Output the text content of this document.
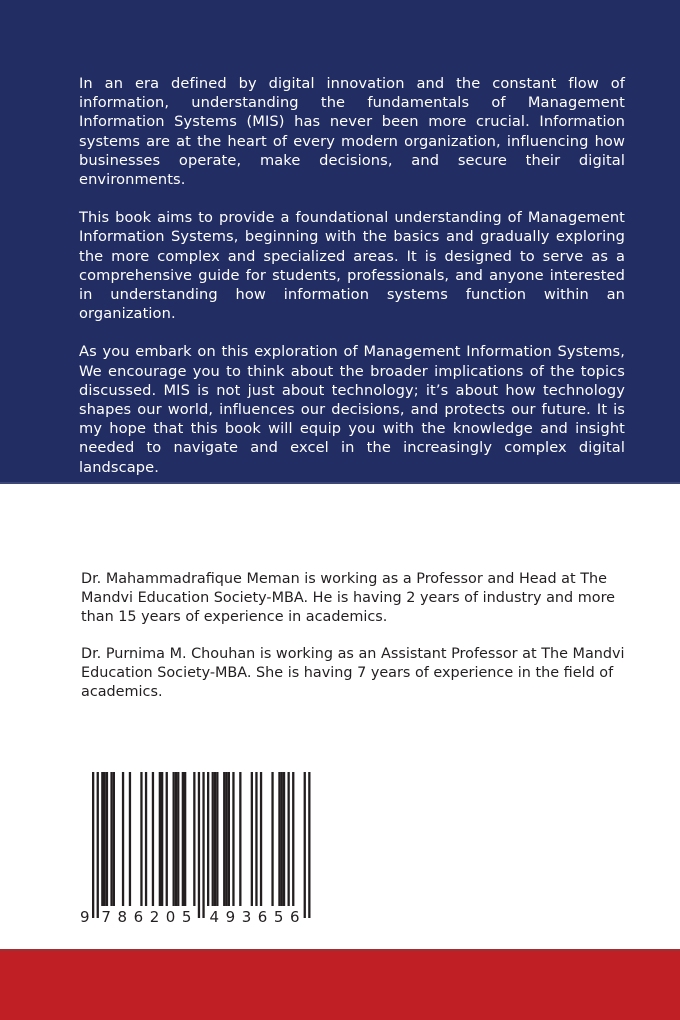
In an era defined by digital innovation and the constant flow of information, understanding the fundamentals of Management Information Systems (MIS) has never been more crucial. Information systems are at the heart of every modern organization, influencing how businesses operate, make decisions, and secure their digital environments.

This book aims to provide a foundational understanding of Management Information Systems, beginning with the basics and gradually exploring the more complex and specialized areas. It is designed to serve as a comprehensive guide for students, professionals, and anyone interested in understanding how information systems function within an organization.

As you embark on this exploration of Management Information Systems, We encourage you to think about the broader implications of the topics discussed. MIS is not just about technology; it’s about how technology shapes our world, influences our decisions, and protects our future. It is my hope that this book will equip you with the knowledge and insight needed to navigate and excel in the increasingly complex digital landscape.

Dr. Mahammadrafique Meman is working as a Professor and Head at The Mandvi Education Society-MBA. He is having 2 years of industry and more than 15 years of experience in academics.

Dr. Purnima M. Chouhan is working as an Assistant Professor at The Mandvi Education Society-MBA. She is having 7 years of experience in the field of academics.

9 7 8 6 2 0 5 4 9 3 6 5 6
